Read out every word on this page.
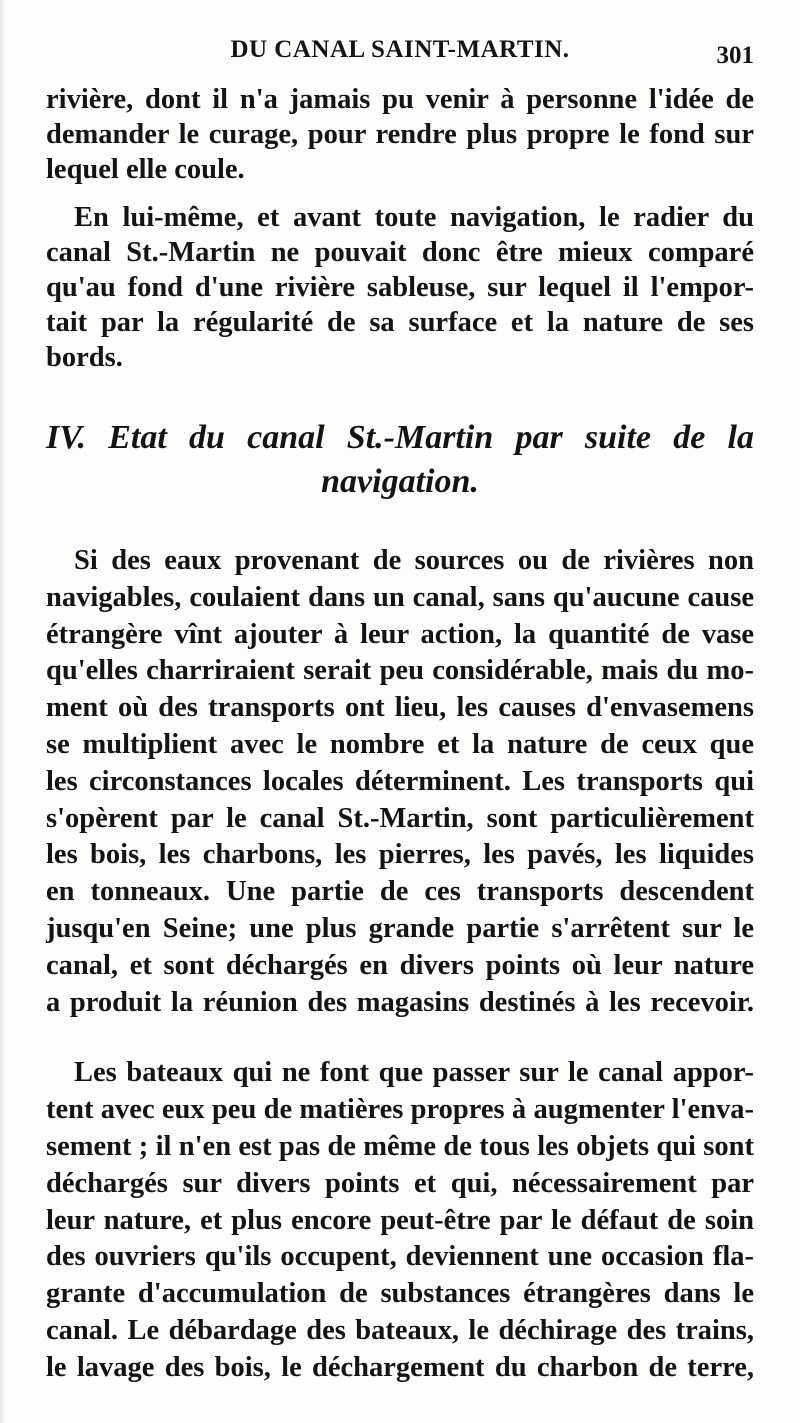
DU CANAL SAINT-MARTIN.	301
rivière, dont il n'a jamais pu venir à personne l'idée de
demander le curage, pour rendre plus propre le fond sur
lequel elle coule.
En lui-même, et avant toute navigation, le radier du
canal St.-Martin ne pouvait donc être mieux comparé
qu'au fond d'une rivière sableuse, sur lequel il l'empor-
tait par la régularité de sa surface et la nature de ses
bords.
IV. Etat du canal St.-Martin par suite de la
navigation.
Si des eaux provenant de sources ou de rivières non
navigables, coulaient dans un canal, sans qu'aucune cause
étrangère vînt ajouter à leur action, la quantité de vase
qu'elles charriraient serait peu considérable, mais du mo-
ment où des transports ont lieu, les causes d'envasemens
se multiplient avec le nombre et la nature de ceux que
les circonstances locales déterminent. Les transports qui
s'opèrent par le canal St.-Martin, sont particulièrement
les bois, les charbons, les pierres, les pavés, les liquides
en tonneaux. Une partie de ces transports descendent
jusqu'en Seine; une plus grande partie s'arrêtent sur le
canal, et sont déchargés en divers points où leur nature
a produit la réunion des magasins destinés à les recevoir.
Les bateaux qui ne font que passer sur le canal appor-
tent avec eux peu de matières propres à augmenter l'enva-
sement ; il n'en est pas de même de tous les objets qui sont
déchargés sur divers points et qui, nécessairement par
leur nature, et plus encore peut-être par le défaut de soin
des ouvriers qu'ils occupent, deviennent une occasion fla-
grante d'accumulation de substances étrangères dans le
canal. Le débardage des bateaux, le déchirage des trains,
le lavage des bois, le déchargement du charbon de terre,
